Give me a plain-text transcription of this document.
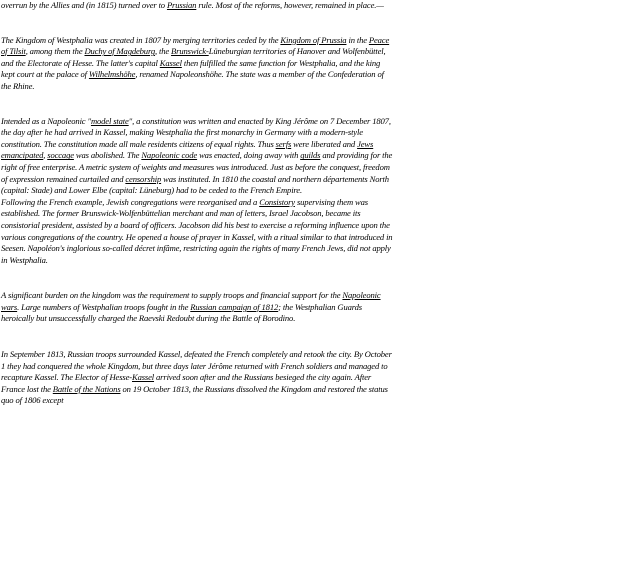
overrun by the Allies and (in 1815) turned over to Prussian rule. Most of the reforms, however, remained in place.—

The Kingdom of Westphalia was created in 1807 by merging territories ceded by the Kingdom of Prussia in the Peace of Tilsit, among them the Duchy of Magdeburg, the Brunswick-Lüneburgian territories of Hanover and Wolfenbüttel, and the Electorate of Hesse. The latter's capital Kassel then fulfilled the same function for Westphalia, and the king kept court at the palace of Wilhelmshöhe, renamed Napoleonshöhe. The state was a member of the Confederation of the Rhine.

Intended as a Napoleonic "model state", a constitution was written and enacted by King Jérôme on 7 December 1807, the day after he had arrived in Kassel, making Westphalia the first monarchy in Germany with a modern-style constitution. The constitution made all male residents citizens of equal rights. Thus serfs were liberated and Jews emancipated, soccage was abolished. The Napoleonic code was enacted, doing away with guilds and providing for the right of free enterprise. A metric system of weights and measures was introduced. Just as before the conquest, freedom of expression remained curtailed and censorship was instituted. In 1810 the coastal and northern départements North (capital: Stade) and Lower Elbe (capital: Lüneburg) had to be ceded to the French Empire.

Following the French example, Jewish congregations were reorganised and a Consistory supervising them was established. The former Brunswick-Wolfenbüttelian merchant and man of letters, Israel Jacobson, became its consistorial president, assisted by a board of officers. Jacobson did his best to exercise a reforming influence upon the various congregations of the country. He opened a house of prayer in Kassel, with a ritual similar to that introduced in Seesen. Napoléon's inglorious so-called décret infâme, restricting again the rights of many French Jews, did not apply in Westphalia.

A significant burden on the kingdom was the requirement to supply troops and financial support for the Napoleonic wars. Large numbers of Westphalian troops fought in the Russian campaign of 1812; the Westphalian Guards heroically but unsuccessfully charged the Raevski Redoubt during the Battle of Borodino.

In September 1813, Russian troops surrounded Kassel, defeated the French completely and retook the city. By October 1 they had conquered the whole Kingdom, but three days later Jérôme returned with French soldiers and managed to recapture Kassel. The Elector of Hesse-Kassel arrived soon after and the Russians besieged the city again. After France lost the Battle of the Nations on 19 October 1813, the Russians dissolved the Kingdom and restored the status quo of 1806 except
